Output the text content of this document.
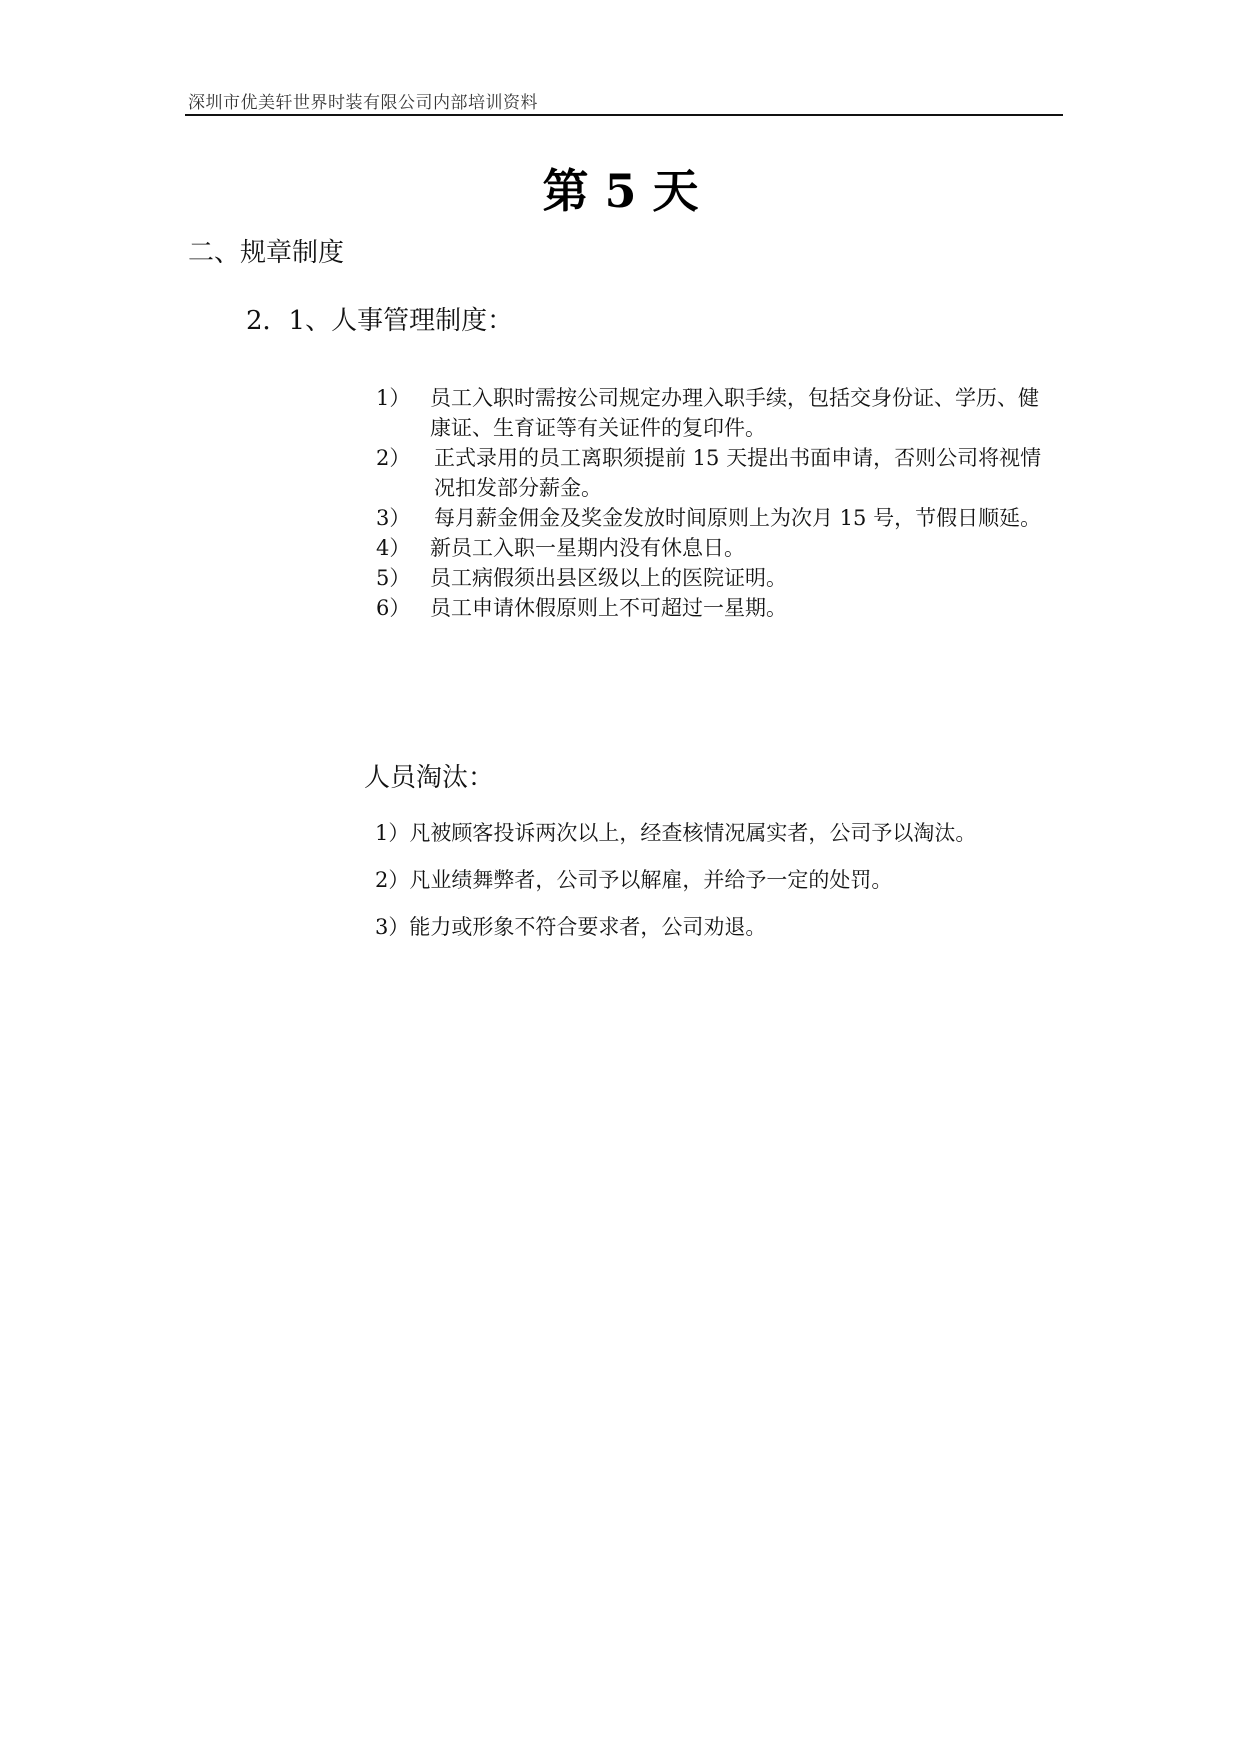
深圳市优美轩世界时装有限公司内部培训资料
第 5 天
二、规章制度
2．1、人事管理制度：
1） 员工入职时需按公司规定办理入职手续，包括交身份证、学历、健康证、生育证等有关证件的复印件。
2）	正式录用的员工离职须提前 15 天提出书面申请，否则公司将视情况扣发部分薪金。
3）	每月薪金佣金及奖金发放时间原则上为次月 15 号，节假日顺延。
4） 新员工入职一星期内没有休息日。
5） 员工病假须出县区级以上的医院证明。
6） 员工申请休假原则上不可超过一星期。
人员淘汰：
1）凡被顾客投诉两次以上，经查核情况属实者，公司予以淘汰。
2）凡业绩舞弊者，公司予以解雇，并给予一定的处罚。
3）能力或形象不符合要求者，公司劝退。
